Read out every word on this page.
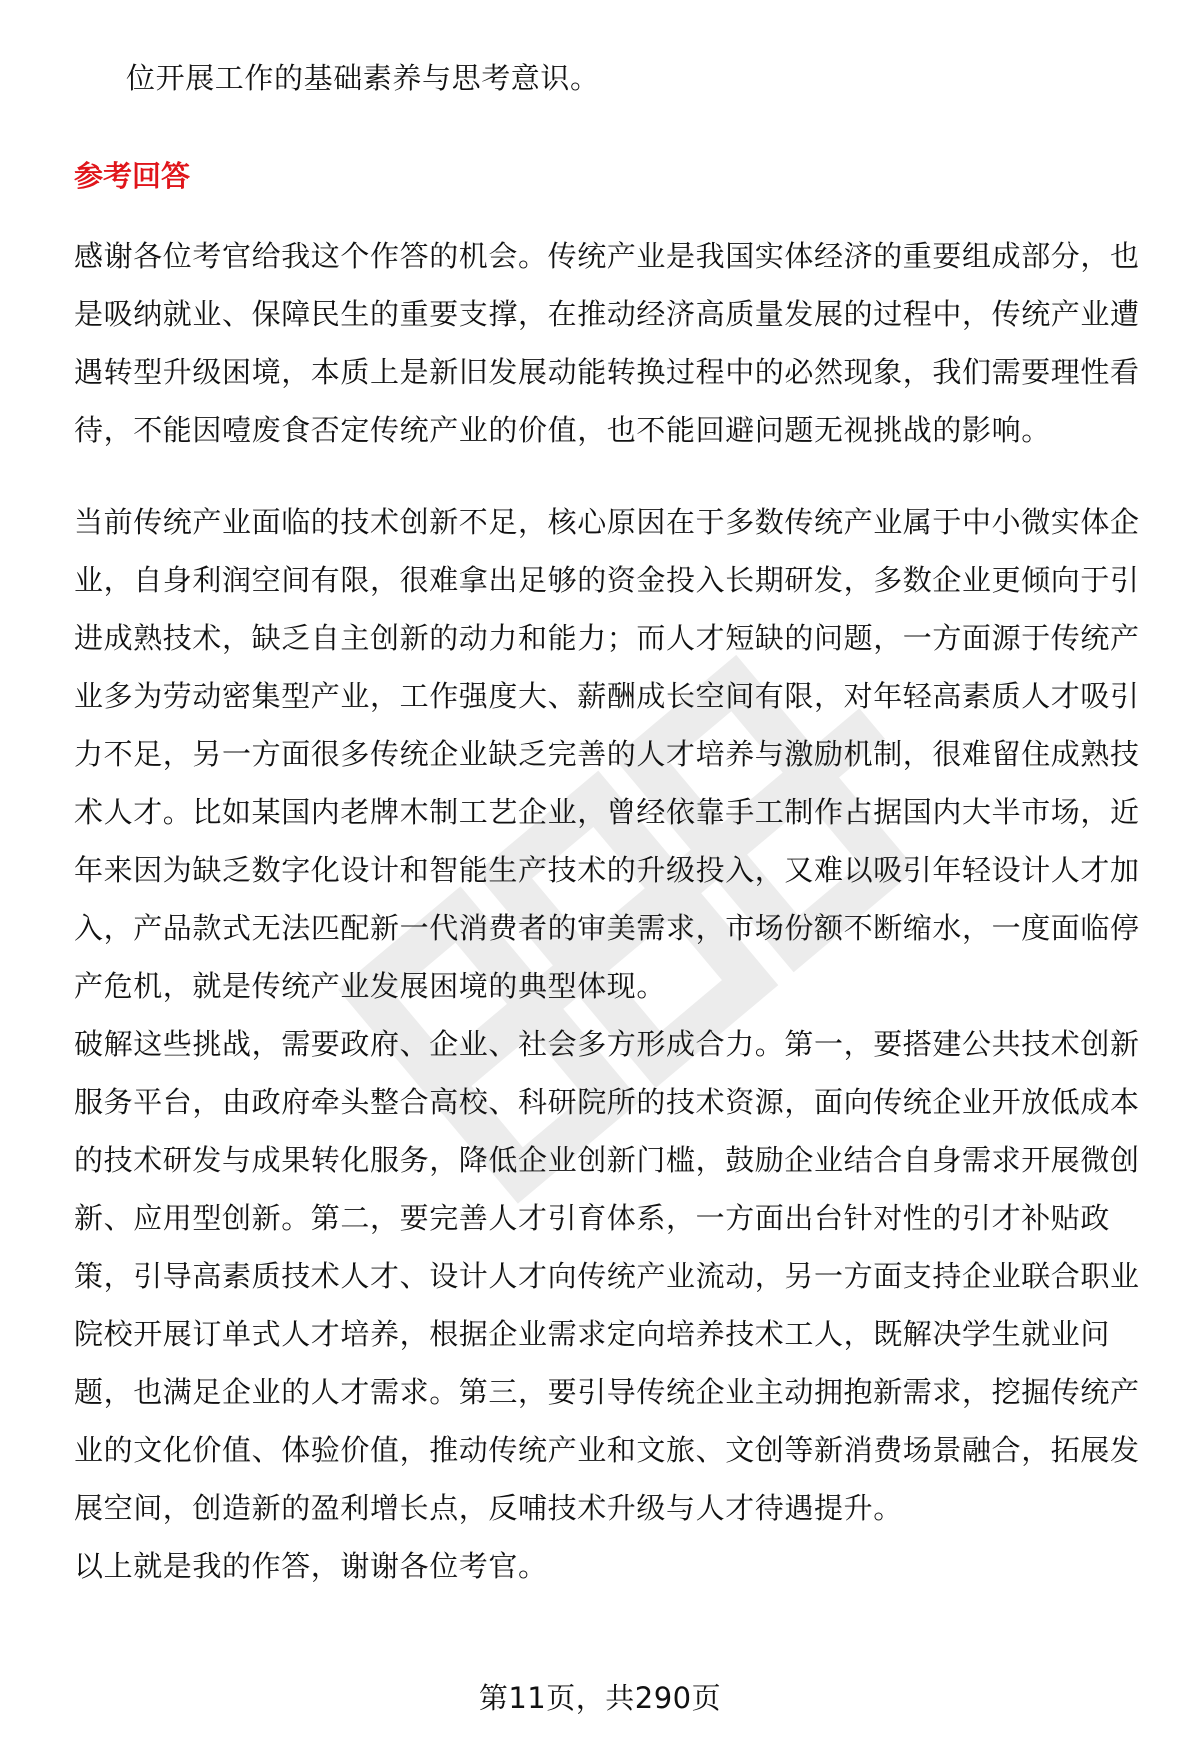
位开展工作的基础素养与思考意识。
参考回答
感谢各位考官给我这个作答的机会。传统产业是我国实体经济的重要组成部分，也
是吸纳就业、保障民生的重要支撑，在推动经济高质量发展的过程中，传统产业遭
遇转型升级困境，本质上是新旧发展动能转换过程中的必然现象，我们需要理性看
待，不能因噎废食否定传统产业的价值，也不能回避问题无视挑战的影响。
当前传统产业面临的技术创新不足，核心原因在于多数传统产业属于中小微实体企
业，自身利润空间有限，很难拿出足够的资金投入长期研发，多数企业更倾向于引
进成熟技术，缺乏自主创新的动力和能力；而人才短缺的问题，一方面源于传统产
业多为劳动密集型产业，工作强度大、薪酬成长空间有限，对年轻高素质人才吸引
力不足，另一方面很多传统企业缺乏完善的人才培养与激励机制，很难留住成熟技
术人才。比如某国内老牌木制工艺企业，曾经依靠手工制作占据国内大半市场，近
年来因为缺乏数字化设计和智能生产技术的升级投入，又难以吸引年轻设计人才加
入，产品款式无法匹配新一代消费者的审美需求，市场份额不断缩水，一度面临停
产危机，就是传统产业发展困境的典型体现。
破解这些挑战，需要政府、企业、社会多方形成合力。第一，要搭建公共技术创新
服务平台，由政府牵头整合高校、科研院所的技术资源，面向传统企业开放低成本
的技术研发与成果转化服务，降低企业创新门槛，鼓励企业结合自身需求开展微创
新、应用型创新。第二，要完善人才引育体系，一方面出台针对性的引才补贴政
策，引导高素质技术人才、设计人才向传统产业流动，另一方面支持企业联合职业
院校开展订单式人才培养，根据企业需求定向培养技术工人，既解决学生就业问
题，也满足企业的人才需求。第三，要引导传统企业主动拥抱新需求，挖掘传统产
业的文化价值、体验价值，推动传统产业和文旅、文创等新消费场景融合，拓展发
展空间，创造新的盈利增长点，反哺技术升级与人才待遇提升。
以上就是我的作答，谢谢各位考官。
第11页，共290页
